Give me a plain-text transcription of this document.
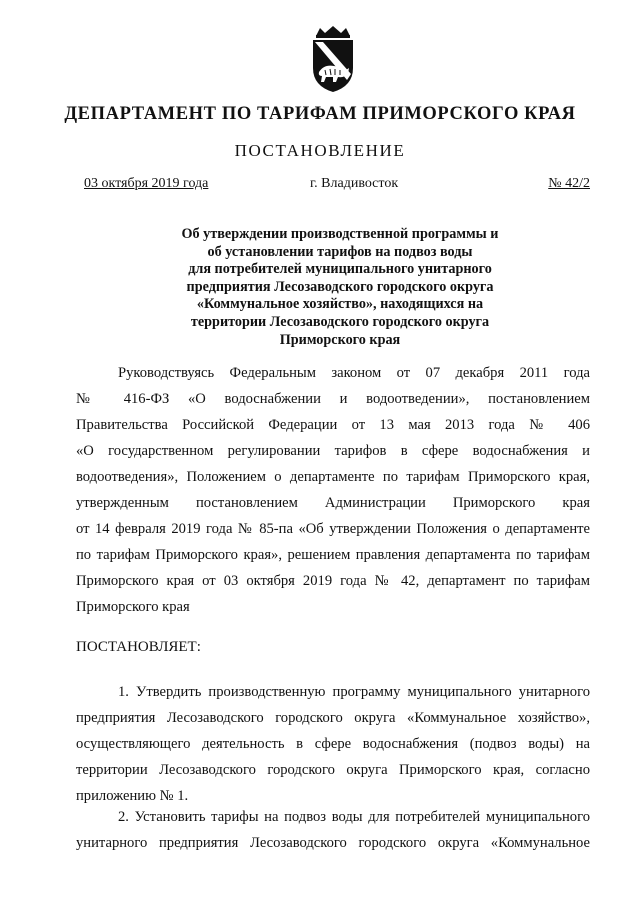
ДЕПАРТАМЕНТ ПО ТАРИФАМ ПРИМОРСКОГО КРАЯ
ПОСТАНОВЛЕНИЕ
03 октября 2019 года	г. Владивосток	№ 42/2
Об утверждении производственной программы и
об установлении тарифов на подвоз воды
для потребителей муниципального унитарного
предприятия Лесозаводского городского округа
«Коммунальное хозяйство», находящихся на
территории Лесозаводского городского округа
Приморского края
Руководствуясь Федеральным законом от 07 декабря 2011 года
№ 416-ФЗ «О водоснабжении и водоотведении», постановлением
Правительства Российской Федерации от 13 мая 2013 года № 406
«О государственном регулировании тарифов в сфере водоснабжения и
водоотведения», Положением о департаменте по тарифам Приморского края,
утвержденным постановлением Администрации Приморского края
от 14 февраля 2019 года № 85-па «Об утверждении Положения о департаменте
по тарифам Приморского края», решением правления департамента по тарифам
Приморского края от 03 октября 2019 года № 42, департамент по тарифам
Приморского края
ПОСТАНОВЛЯЕТ:
1. Утвердить производственную программу муниципального унитарного
предприятия Лесозаводского городского округа «Коммунальное хозяйство»,
осуществляющего деятельность в сфере водоснабжения (подвоз воды) на
территории Лесозаводского городского округа Приморского края, согласно
приложению № 1.
2. Установить тарифы на подвоз воды для потребителей муниципального
унитарного предприятия Лесозаводского городского округа «Коммунальное
